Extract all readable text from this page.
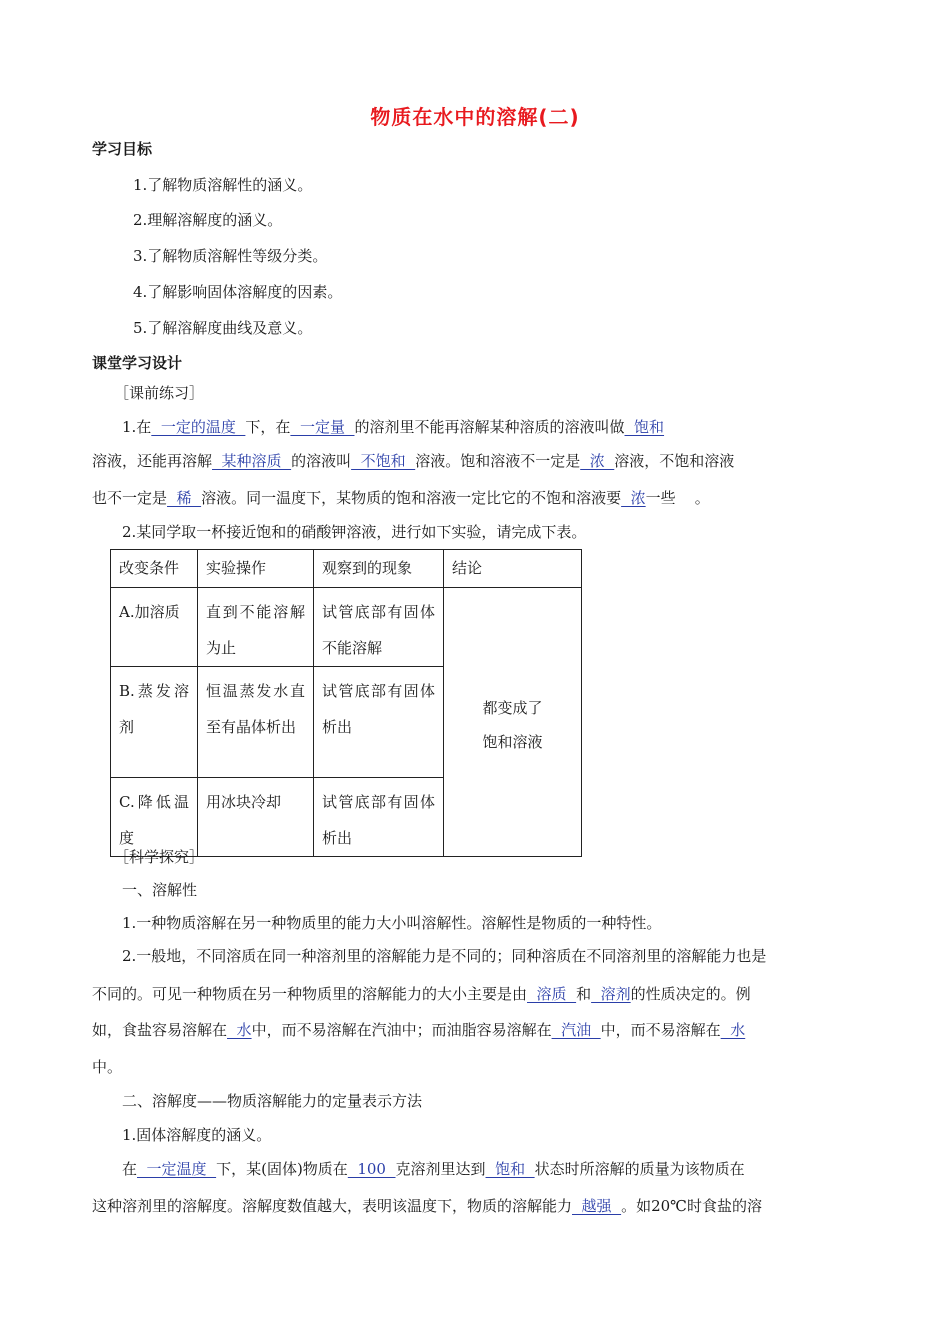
物质在水中的溶解(二)
学习目标
1.了解物质溶解性的涵义。
2.理解溶解度的涵义。
3.了解物质溶解性等级分类。
4.了解影响固体溶解度的因素。
5.了解溶解度曲线及意义。
课堂学习设计
［课前练习］
1.在  一定的温度  下，在  一定量  的溶剂里不能再溶解某种溶质的溶液叫做  饱和
溶液，还能再溶解  某种溶质  的溶液叫  不饱和  溶液。饱和溶液不一定是  浓  溶液，不饱和溶液
也不一定是  稀  溶液。同一温度下，某物质的饱和溶液一定比它的不饱和溶液要  浓一些    。
2.某同学取一杯接近饱和的硝酸钾溶液，进行如下实验，请完成下表。
改变条件	实验操作	观察到的现象	结论
A.加溶质	直到不能溶解为止	试管底部有固体不能溶解	都变成了
饱和溶液

B.蒸发溶剂	恒温蒸发水直至有晶体析出	试管底部有固体析出	
C.降低温度	用冰块冷却	试管底部有固体析出	
［科学探究］
一、溶解性
1.一种物质溶解在另一种物质里的能力大小叫溶解性。溶解性是物质的一种特性。
2.一般地，不同溶质在同一种溶剂里的溶解能力是不同的；同种溶质在不同溶剂里的溶解能力也是
不同的。可见一种物质在另一种物质里的溶解能力的大小主要是由  溶质  和  溶剂的性质决定的。例
如，食盐容易溶解在  水中，而不易溶解在汽油中；而油脂容易溶解在  汽油  中，而不易溶解在  水
中。
二、溶解度——物质溶解能力的定量表示方法
1.固体溶解度的涵义。
在  一定温度  下，某(固体)物质在  100  克溶剂里达到  饱和  状态时所溶解的质量为该物质在
这种溶剂里的溶解度。溶解度数值越大，表明该温度下，物质的溶解能力  越强  。如20℃时食盐的溶
